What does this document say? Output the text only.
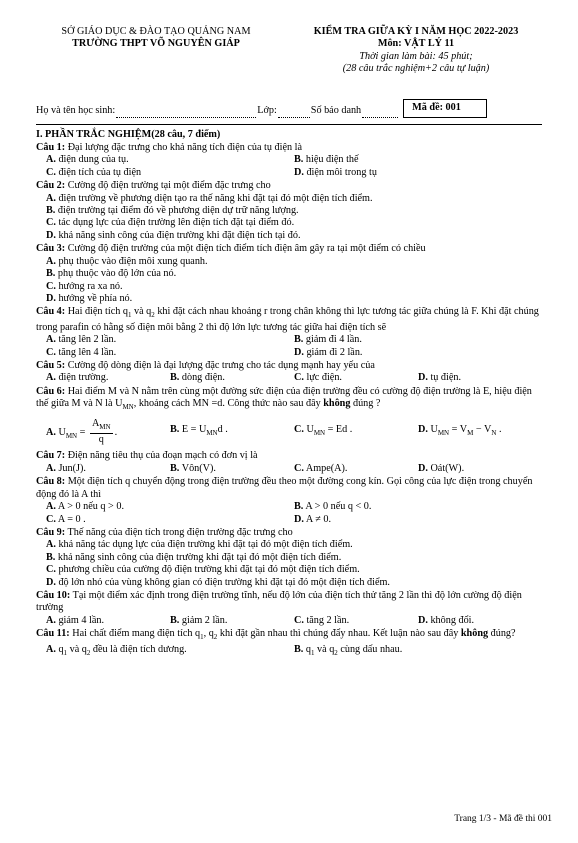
SỞ GIÁO DỤC & ĐÀO TẠO QUẢNG NAM
TRƯỜNG THPT VÕ NGUYÊN GIÁP
KIỂM TRA GIỮA KỲ I NĂM HỌC 2022-2023
Môn: VẬT LÝ 11
Thời gian làm bài: 45 phút;
(28 câu trắc nghiệm+2 câu tự luận)
Họ và tên học sinh:	Lớp:	Số báo danh	Mã đề: 001
I. PHẦN TRẮC NGHIỆM(28 câu, 7 điểm)
Câu 1: Đại lượng đặc trưng cho khả năng tích điện của tụ điện là
A. điện dung của tụ.	B. hiệu điện thế
C. điện tích của tụ điện	D. điện môi trong tụ
Câu 2: Cường độ điện trường tại một điểm đặc trưng cho
A. điện trường về phương diện tạo ra thế năng khi đặt tại đó một điện tích điểm.
B. điện trường tại điểm đó về phương diện dự trữ năng lượng.
C. tác dụng lực của điện trường lên điện tích đặt tại điểm đó.
D. khả năng sinh công của điện trường khi đặt điện tích tại đó.
Câu 3: Cường độ điện trường của một điện tích điểm tích điện âm gây ra tại một điểm có chiều
A. phụ thuộc vào điện môi xung quanh.
B. phụ thuộc vào độ lớn của nó.
C. hướng ra xa nó.
D. hướng về phía nó.
Câu 4: Hai điện tích $q_1$ và $q_2$ khi đặt cách nhau khoảng r trong chân không thì lực tương tác giữa chúng là F. Khi đặt chúng trong parafin có hằng số điện môi bằng 2 thì độ lớn lực tương tác giữa hai điện tích sẽ
A. tăng lên 2 lần.	B. giảm đi 4 lần.
C. tăng lên 4 lần.	D. giảm đi 2 lần.
Câu 5: Cường độ dòng điện là đại lượng đặc trưng cho tác dụng mạnh hay yếu của
A. điện trường.	B. dòng điện.	C. lực điện.	D. tụ điện.
Câu 6: Hai điểm M và N nằm trên cùng một đường sức điện của điện trường đều có cường độ điện trường là E, hiệu điện thế giữa M và N là $U_{MN}$, khoảng cách MN =d. Công thức nào sau đây không đúng ?
A. $U_{MN} = \frac{A_{MN}}{q}$ .	B. $E = U_{MN}d$ .	C. $U_{MN} = Ed$ .	D. $U_{MN} = V_M - V_N$ .
Câu 7: Điện năng tiêu thụ của đoạn mạch có đơn vị là
A. Jun(J).	B. Vôn(V).	C. Ampe(A).	D. Oát(W).
Câu 8: Một điện tích q chuyển động trong điện trường đều theo một đường cong kín. Gọi công của lực điện trong chuyển động đó là A thì
A. A > 0 nếu q > 0.	B. A > 0 nếu q < 0.
C. A = 0 .	D. A ≠ 0.
Câu 9: Thế năng của điện tích trong điện trường đặc trưng cho
A. khả năng tác dụng lực của điện trường khi đặt tại đó một điện tích điểm.
B. khả năng sinh công của điện trường khi đặt tại đó một điện tích điểm.
C. phương chiều của cường độ điện trường khi đặt tại đó một điện tích điểm.
D. độ lớn nhỏ của vùng không gian có điện trường khi đặt tại đó một điện tích điểm.
Câu 10: Tại một điểm xác định trong điện trường tĩnh, nếu độ lớn của điện tích thử tăng 2 lần thì độ lớn cường độ điện trường
A. giảm 4 lần.	B. giảm 2 lần.	C. tăng 2 lần.	D. không đổi.
Câu 11: Hai chất điểm mang điện tích $q_1$, $q_2$ khi đặt gần nhau thì chúng đẩy nhau. Kết luận nào sau đây không đúng?
A. $q_1$ và $q_2$ đều là điện tích dương.	B. $q_1$ và $q_2$ cùng dấu nhau.
Trang 1/3 - Mã đề thi 001
